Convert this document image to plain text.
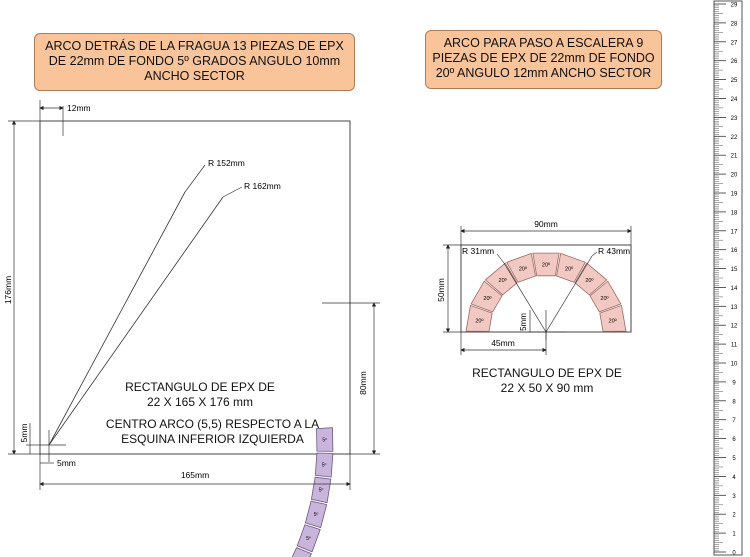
ARCO DETRÁS DE LA FRAGUA 13 PIEZAS DE EPX DE 22mm DE FONDO 5º GRADOS ANGULO 10mm ANCHO SECTOR
ARCO PARA PASO A ESCALERA 9 PIEZAS DE EPX DE 22mm DE FONDO 20º ANGULO 12mm ANCHO SECTOR
5º
5º
5º
5º
5º
R 152mm
R 162mm
12mm
176mm
5mm
5mm
165mm
80mm
20º
20º
20º
20º
20º
20º
20º
20º
20º
R 31mm	R 43mm
90mm
50mm
45mm
5mm
RECTANGULO DE EPX DE
22 X 165 X 176 mm
CENTRO ARCO (5,5) RESPECTO A LA
ESQUINA INFERIOR IZQUIERDA
RECTANGULO DE EPX DE
22 X 50 X 90 mm
0
1
2
3
4
5
6
7
8
9
10
11
12
13
14
15
16
17
18
19
20
21
22
23
24
25
26
27
28
29
